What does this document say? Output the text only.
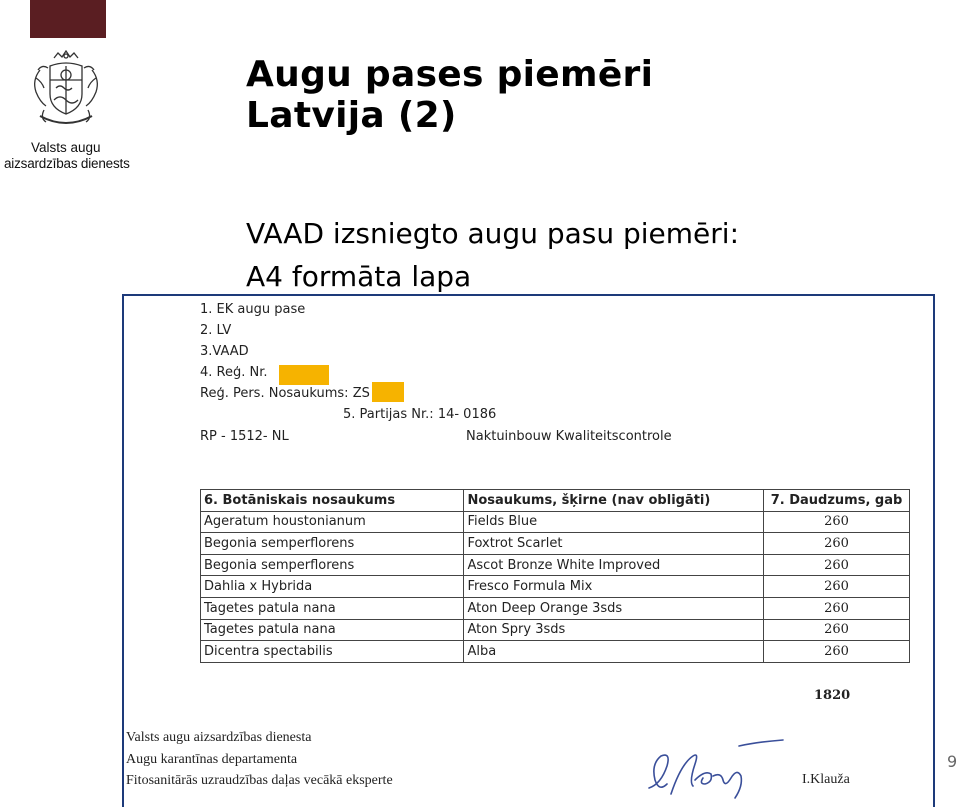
Valsts augu
aizsardzības dienests
Augu pases piemēri
Latvija (2)
VAAD izsniegto augu pasu piemēri:
A4 formāta lapa
1. EK augu pase
2. LV
3.VAAD
4. Reģ. Nr.
Reģ. Pers. Nosaukums: ZS
5. Partijas Nr.: 14- 0186
RP - 1512- NL	Naktuinbouw Kwaliteitscontrole
6. Botāniskais nosaukums	Nosaukums, šķirne (nav obligāti)	7. Daudzums, gab
Ageratum houstonianum	Fields Blue	260
Begonia semperflorens	Foxtrot Scarlet	260
Begonia semperflorens	Ascot Bronze White Improved	260
Dahlia x Hybrida	Fresco Formula Mix	260
Tagetes patula nana	Aton Deep Orange 3sds	260
Tagetes patula nana	Aton Spry 3sds	260
Dicentra spectabilis	Alba	260
1820
Valsts augu aizsardzības dienesta
Augu karantīnas departamenta
Fitosanitārās uzraudzības daļas vecākā eksperte	I.Klauža
9
